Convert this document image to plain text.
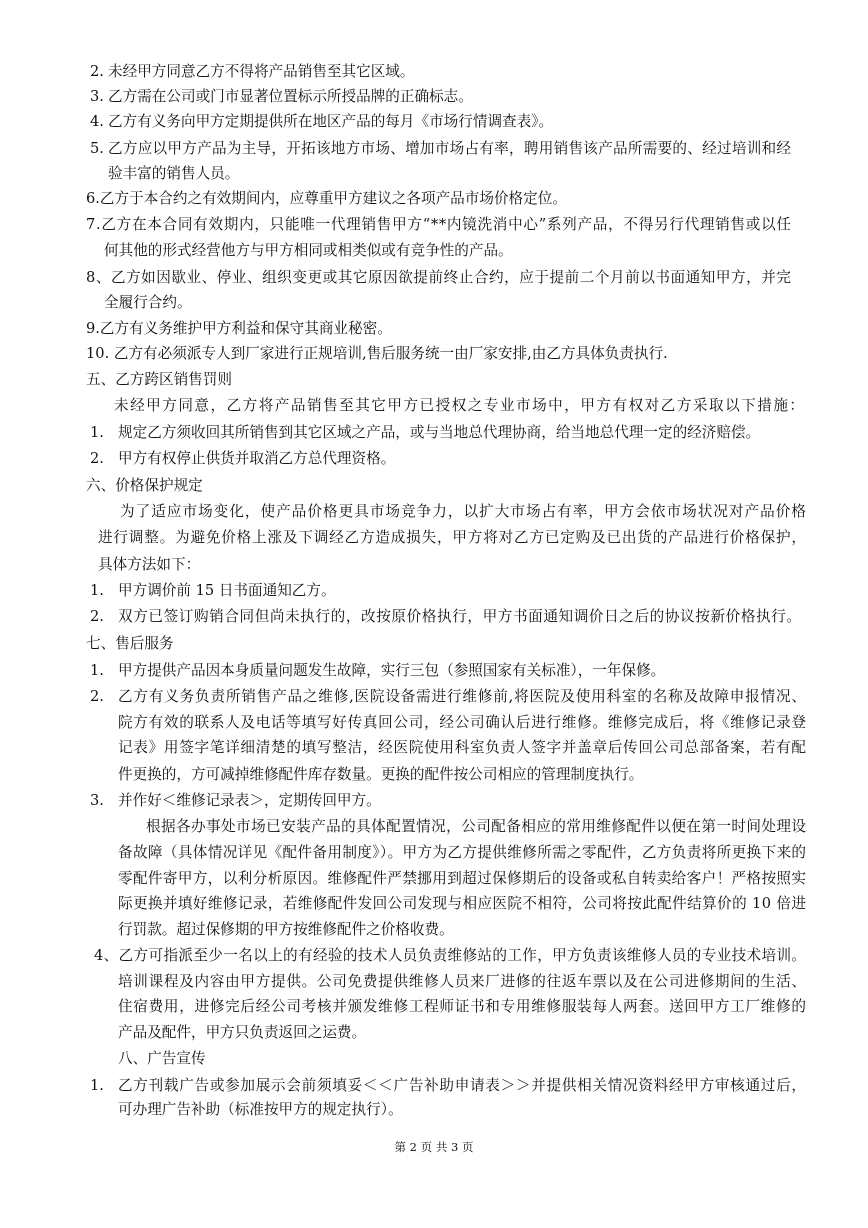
2. 未经甲方同意乙方不得将产品销售至其它区域。
3. 乙方需在公司或门市显著位置标示所授品牌的正确标志。
4. 乙方有义务向甲方定期提供所在地区产品的每月《市场行情调查表》。
5. 乙方应以甲方产品为主导，开拓该地方市场、增加市场占有率，聘用销售该产品所需要的、经过培训和经
验丰富的销售人员。
6.乙方于本合约之有效期间内，应尊重甲方建议之各项产品市场价格定位。
7.乙方在本合同有效期内，只能唯一代理销售甲方“**内镜洗消中心”系列产品，不得另行代理销售或以任
何其他的形式经营他方与甲方相同或相类似或有竞争性的产品。
8、乙方如因歇业、停业、组织变更或其它原因欲提前终止合约，应于提前二个月前以书面通知甲方，并完
全履行合约。
9.乙方有义务维护甲方利益和保守其商业秘密。
10. 乙方有必须派专人到厂家进行正规培训,售后服务统一由厂家安排,由乙方具体负责执行.
五、乙方跨区销售罚则
未经甲方同意，乙方将产品销售至其它甲方已授权之专业市场中，甲方有权对乙方采取以下措施：
1. 规定乙方须收回其所销售到其它区域之产品，或与当地总代理协商，给当地总代理一定的经济赔偿。
2. 甲方有权停止供货并取消乙方总代理资格。
六、价格保护规定
为了适应市场变化，使产品价格更具市场竞争力，以扩大市场占有率，甲方会依市场状况对产品价格
进行调整。为避免价格上涨及下调经乙方造成损失，甲方将对乙方已定购及已出货的产品进行价格保护，
具体方法如下：
1. 甲方调价前 15 日书面通知乙方。
2. 双方已签订购销合同但尚未执行的，改按原价格执行，甲方书面通知调价日之后的协议按新价格执行。
七、售后服务
1. 甲方提供产品因本身质量问题发生故障，实行三包（参照国家有关标准），一年保修。
2. 乙方有义务负责所销售产品之维修,医院设备需进行维修前,将医院及使用科室的名称及故障申报情况、
院方有效的联系人及电话等填写好传真回公司，经公司确认后进行维修。维修完成后，将《维修记录登
记表》用签字笔详细清楚的填写整洁，经医院使用科室负责人签字并盖章后传回公司总部备案，若有配
件更换的，方可减掉维修配件库存数量。更换的配件按公司相应的管理制度执行。
3. 并作好＜维修记录表＞，定期传回甲方。
根据各办事处市场已安装产品的具体配置情况，公司配备相应的常用维修配件以便在第一时间处理设
备故障（具体情况详见《配件备用制度》）。甲方为乙方提供维修所需之零配件，乙方负责将所更换下来的
零配件寄甲方，以利分析原因。维修配件严禁挪用到超过保修期后的设备或私自转卖给客户！严格按照实
际更换并填好维修记录，若维修配件发回公司发现与相应医院不相符，公司将按此配件结算价的 10 倍进
行罚款。超过保修期的甲方按维修配件之价格收费。
4、乙方可指派至少一名以上的有经验的技术人员负责维修站的工作，甲方负责该维修人员的专业技术培训。
培训课程及内容由甲方提供。公司免费提供维修人员来厂进修的往返车票以及在公司进修期间的生活、
住宿费用，进修完后经公司考核并颁发维修工程师证书和专用维修服装每人两套。送回甲方工厂维修的
产品及配件，甲方只负责返回之运费。
八、广告宣传
1. 乙方刊载广告或参加展示会前须填妥＜＜广告补助申请表＞＞并提供相关情况资料经甲方审核通过后，
可办理广告补助（标准按甲方的规定执行）。
第 2 页 共 3 页
